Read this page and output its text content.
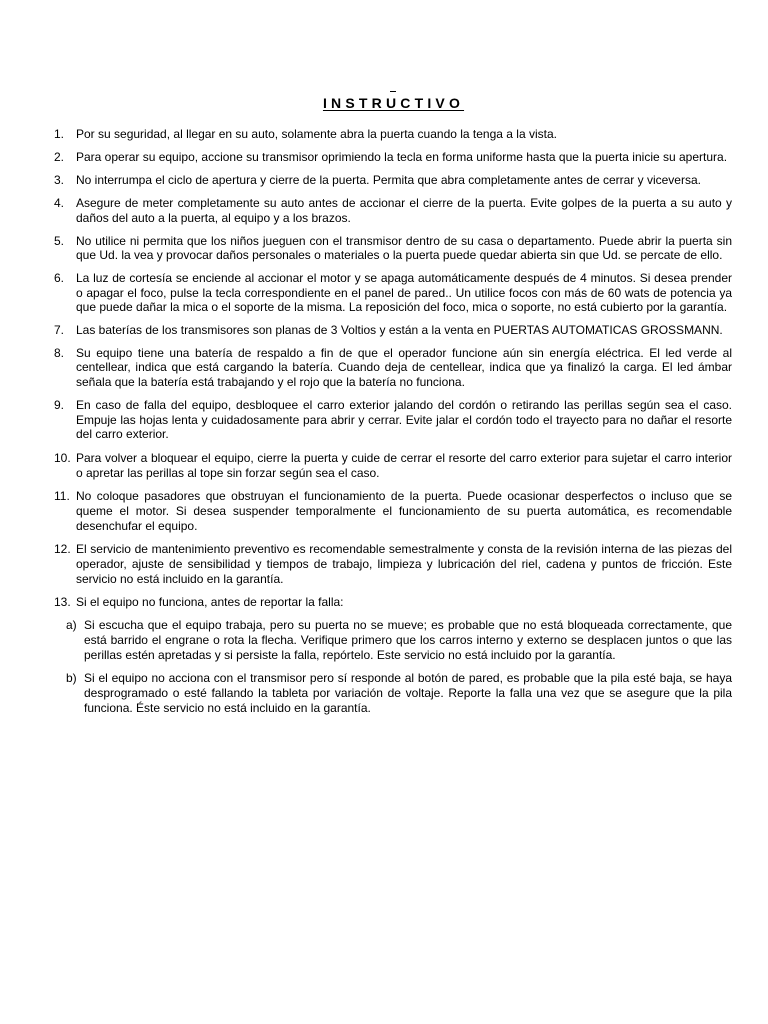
INSTRUCTIVO
1. Por su seguridad, al llegar en su auto, solamente abra la puerta cuando la tenga a la vista.
2. Para operar su equipo, accione su transmisor oprimiendo la tecla en forma uniforme hasta que la puerta inicie su apertura.
3. No interrumpa el ciclo de apertura y cierre de la puerta. Permita que abra completamente antes de cerrar y viceversa.
4. Asegure de meter completamente su auto antes de accionar el cierre de la puerta. Evite golpes de la puerta a su auto y daños del auto a la puerta, al equipo y a los brazos.
5. No utilice ni permita que los niños jueguen con el transmisor dentro de su casa o departamento. Puede abrir la puerta sin que Ud. la vea y provocar daños personales o materiales o la puerta puede quedar abierta sin que Ud. se percate de ello.
6. La luz de cortesía se enciende al accionar el motor y se apaga automáticamente después de 4 minutos. Si desea prender o apagar el foco, pulse la tecla correspondiente en el panel de pared.. Un utilice focos con más de 60 wats de potencia ya que puede dañar la mica o el soporte de la misma. La reposición del foco, mica o soporte, no está cubierto por la garantía.
7. Las baterías de los transmisores son planas de 3 Voltios y están a la venta en PUERTAS AUTOMATICAS GROSSMANN.
8. Su equipo tiene una batería de respaldo a fin de que el operador funcione aún sin energía eléctrica. El led verde al centellear, indica que está cargando la batería. Cuando deja de centellear, indica que ya finalizó la carga. El led ámbar señala que la batería está trabajando y el rojo que la batería no funciona.
9. En caso de falla del equipo, desbloquee el carro exterior jalando del cordón o retirando las perillas según sea el caso. Empuje las hojas lenta y cuidadosamente para abrir y cerrar. Evite jalar el cordón todo el trayecto para no dañar el resorte del carro exterior.
10. Para volver a bloquear el equipo, cierre la puerta y cuide de cerrar el resorte del carro exterior para sujetar el carro interior o apretar las perillas al tope sin forzar según sea el caso.
11. No coloque pasadores que obstruyan el funcionamiento de la puerta. Puede ocasionar desperfectos o incluso que se queme el motor. Si desea suspender temporalmente el funcionamiento de su puerta automática, es recomendable desenchufar el equipo.
12. El servicio de mantenimiento preventivo es recomendable semestralmente y consta de la revisión interna de las piezas del operador, ajuste de sensibilidad y tiempos de trabajo, limpieza y lubricación del riel, cadena y puntos de fricción. Este servicio no está incluido en la garantía.
13. Si el equipo no funciona, antes de reportar la falla:
a) Si escucha que el equipo trabaja, pero su puerta no se mueve; es probable que no está bloqueada correctamente, que está barrido el engrane o rota la flecha. Verifique primero que los carros interno y externo se desplacen juntos o que las perillas estén apretadas y si persiste la falla, repórtelo. Este servicio no está incluido por la garantía.
b) Si el equipo no acciona con el transmisor pero sí responde al botón de pared, es probable que la pila esté baja, se haya desprogramado o esté fallando la tableta por variación de voltaje. Reporte la falla una vez que se asegure que la pila funciona. Éste servicio no está incluido en la garantía.
